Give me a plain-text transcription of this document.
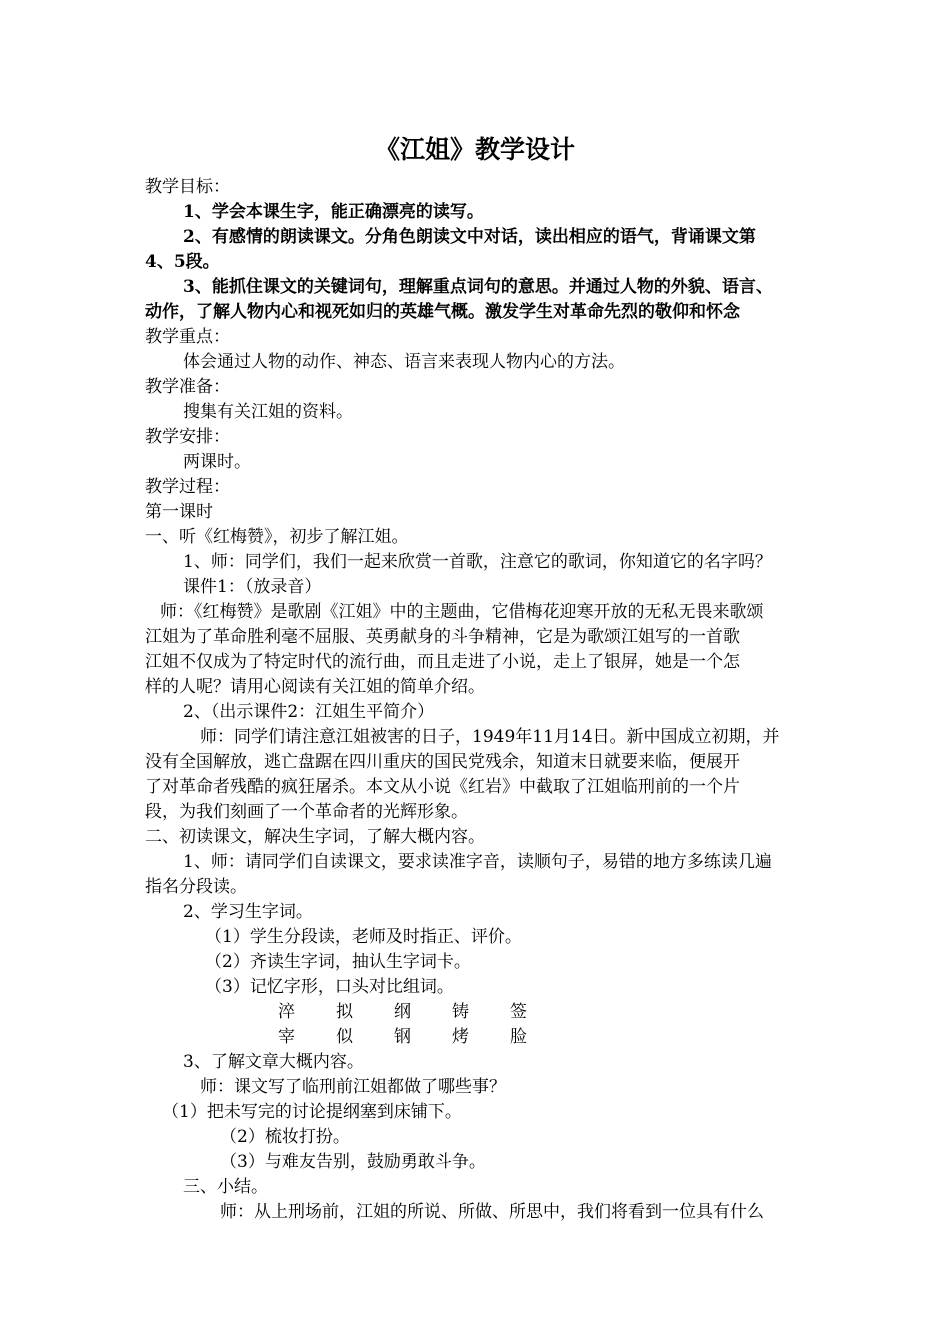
《江姐》教学设计
教学目标：
1、学会本课生字，能正确漂亮的读写。
2、有感情的朗读课文。分角色朗读文中对话，读出相应的语气，背诵课文第
4、5段。
3、能抓住课文的关键词句，理解重点词句的意思。并通过人物的外貌、语言、
动作，了解人物内心和视死如归的英雄气概。激发学生对革命先烈的敬仰和怀念
教学重点：
体会通过人物的动作、神态、语言来表现人物内心的方法。
教学准备：
搜集有关江姐的资料。
教学安排：
两课时。
教学过程：
第一课时
一、听《红梅赞》，初步了解江姐。
1、师：同学们，我们一起来欣赏一首歌，注意它的歌词，你知道它的名字吗？
课件1：（放录音）
师：《红梅赞》是歌剧《江姐》中的主题曲，它借梅花迎寒开放的无私无畏来歌颂
江姐为了革命胜利毫不屈服、英勇献身的斗争精神，它是为歌颂江姐写的一首歌
江姐不仅成为了特定时代的流行曲，而且走进了小说，走上了银屏，她是一个怎
样的人呢？请用心阅读有关江姐的简单介绍。
2、（出示课件2：江姐生平简介）
师：同学们请注意江姐被害的日子，1949年11月14日。新中国成立初期，并
没有全国解放，逃亡盘踞在四川重庆的国民党残余，知道末日就要来临，便展开
了对革命者残酷的疯狂屠杀。本文从小说《红岩》中截取了江姐临刑前的一个片
段，为我们刻画了一个革命者的光辉形象。
二、初读课文，解决生字词，了解大概内容。
1、师：请同学们自读课文，要求读准字音，读顺句子，易错的地方多练读几遍
指名分段读。
2、学习生字词。
（1）学生分段读，老师及时指正、评价。
（2）齐读生字词，抽认生字词卡。
（3）记忆字形，口头对比组词。
淬 拟 纲 铸 签
宰 似 钢 烤 脸
3、了解文章大概内容。
师：课文写了临刑前江姐都做了哪些事？
（1）把未写完的讨论提纲塞到床铺下。
（2）梳妆打扮。
（3）与难友告别，鼓励勇敢斗争。
三、小结。
师：从上刑场前，江姐的所说、所做、所思中，我们将看到一位具有什么
